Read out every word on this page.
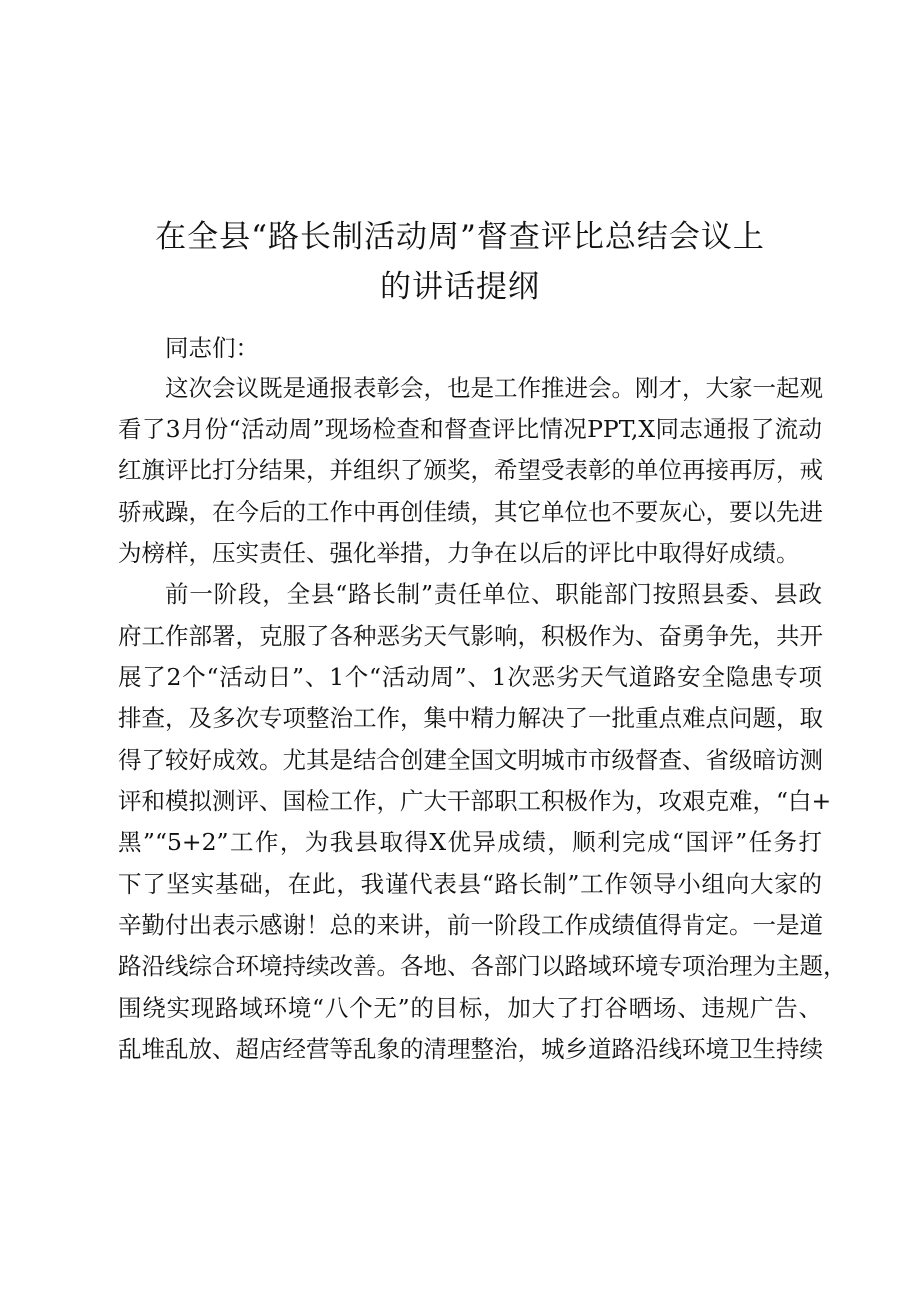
在全县“路长制活动周”督查评比总结会议上
的讲话提纲

同志们：

这次会议既是通报表彰会，也是工作推进会。刚才，大家一起观

看了3月份“活动周”现场检查和督查评比情况PPT,X同志通报了流动

红旗评比打分结果，并组织了颁奖，希望受表彰的单位再接再厉，戒

骄戒躁，在今后的工作中再创佳绩，其它单位也不要灰心，要以先进

为榜样，压实责任、强化举措，力争在以后的评比中取得好成绩。

前一阶段，全县“路长制”责任单位、职能部门按照县委、县政

府工作部署，克服了各种恶劣天气影响，积极作为、奋勇争先，共开

展了2个“活动日”、1个“活动周”、1次恶劣天气道路安全隐患专项

排查，及多次专项整治工作，集中精力解决了一批重点难点问题，取

得了较好成效。尤其是结合创建全国文明城市市级督查、省级暗访测

评和模拟测评、国检工作，广大干部职工积极作为，攻艰克难，“白+

黑”“5+2”工作，为我县取得X优异成绩，顺利完成“国评”任务打

下了坚实基础，在此，我谨代表县“路长制”工作领导小组向大家的

辛勤付出表示感谢！总的来讲，前一阶段工作成绩值得肯定。一是道

路沿线综合环境持续改善。各地、各部门以路域环境专项治理为主题，

围绕实现路域环境“八个无”的目标，加大了打谷晒场、违规广告、

乱堆乱放、超店经营等乱象的清理整治，城乡道路沿线环境卫生持续
